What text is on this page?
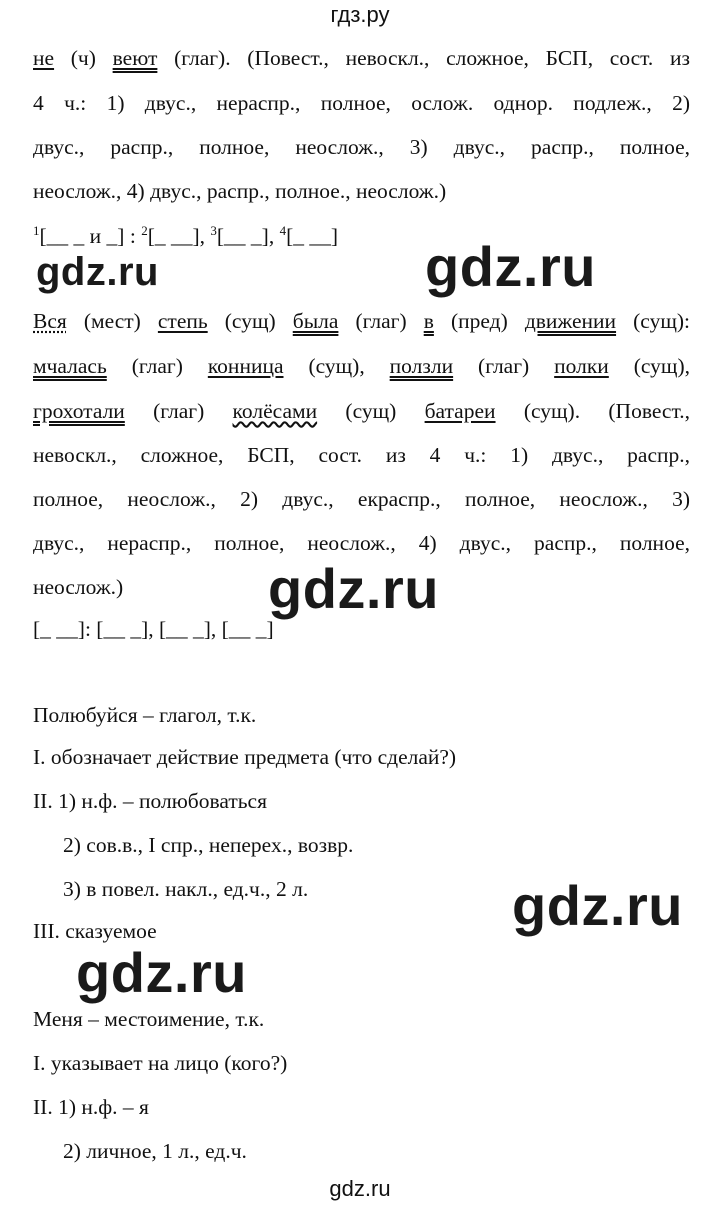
гдз.ру
не (ч) веют (глаг). (Повест., невоскл., сложное, БСП, сост. из
4 ч.: 1) двус., нераспр., полное, ослож. однор. подлеж., 2)
двус., распр., полное, неослож., 3) двус., распр., полное,
неослож., 4) двус., распр., полное., неослож.)
$^1$[__ _ и _] : $^2$[_ __], $^3$[__ _], $^4$[_ __]
Вся (мест) степь (сущ) была (глаг) в (пред) движении (сущ):
мчалась (глаг) конница (сущ), ползли (глаг) полки (сущ),
грохотали (глаг) колёсами (сущ) батареи (сущ). (Повест.,
невоскл., сложное, БСП, сост. из 4 ч.: 1) двус., распр.,
полное, неослож., 2) двус., екраспр., полное, неослож., 3)
двус., нераспр., полное, неослож., 4) двус., распр., полное,
неослож.)
[_ __]: [__ _], [__ _], [__ _]
Полюбуйся – глагол, т.к.
I. обозначает действие предмета (что сделай?)
II. 1) н.ф. – полюбоваться
2) сов.в., I спр., неперех., возвр.
3) в повел. накл., ед.ч., 2 л.
III. сказуемое
Меня – местоимение, т.к.
I. указывает на лицо (кого?)
II. 1) н.ф. – я
2) личное, 1 л., ед.ч.
gdz.ru	gdz.ru
gdz.ru
gdz.ru
gdz.ru
gdz.ru
